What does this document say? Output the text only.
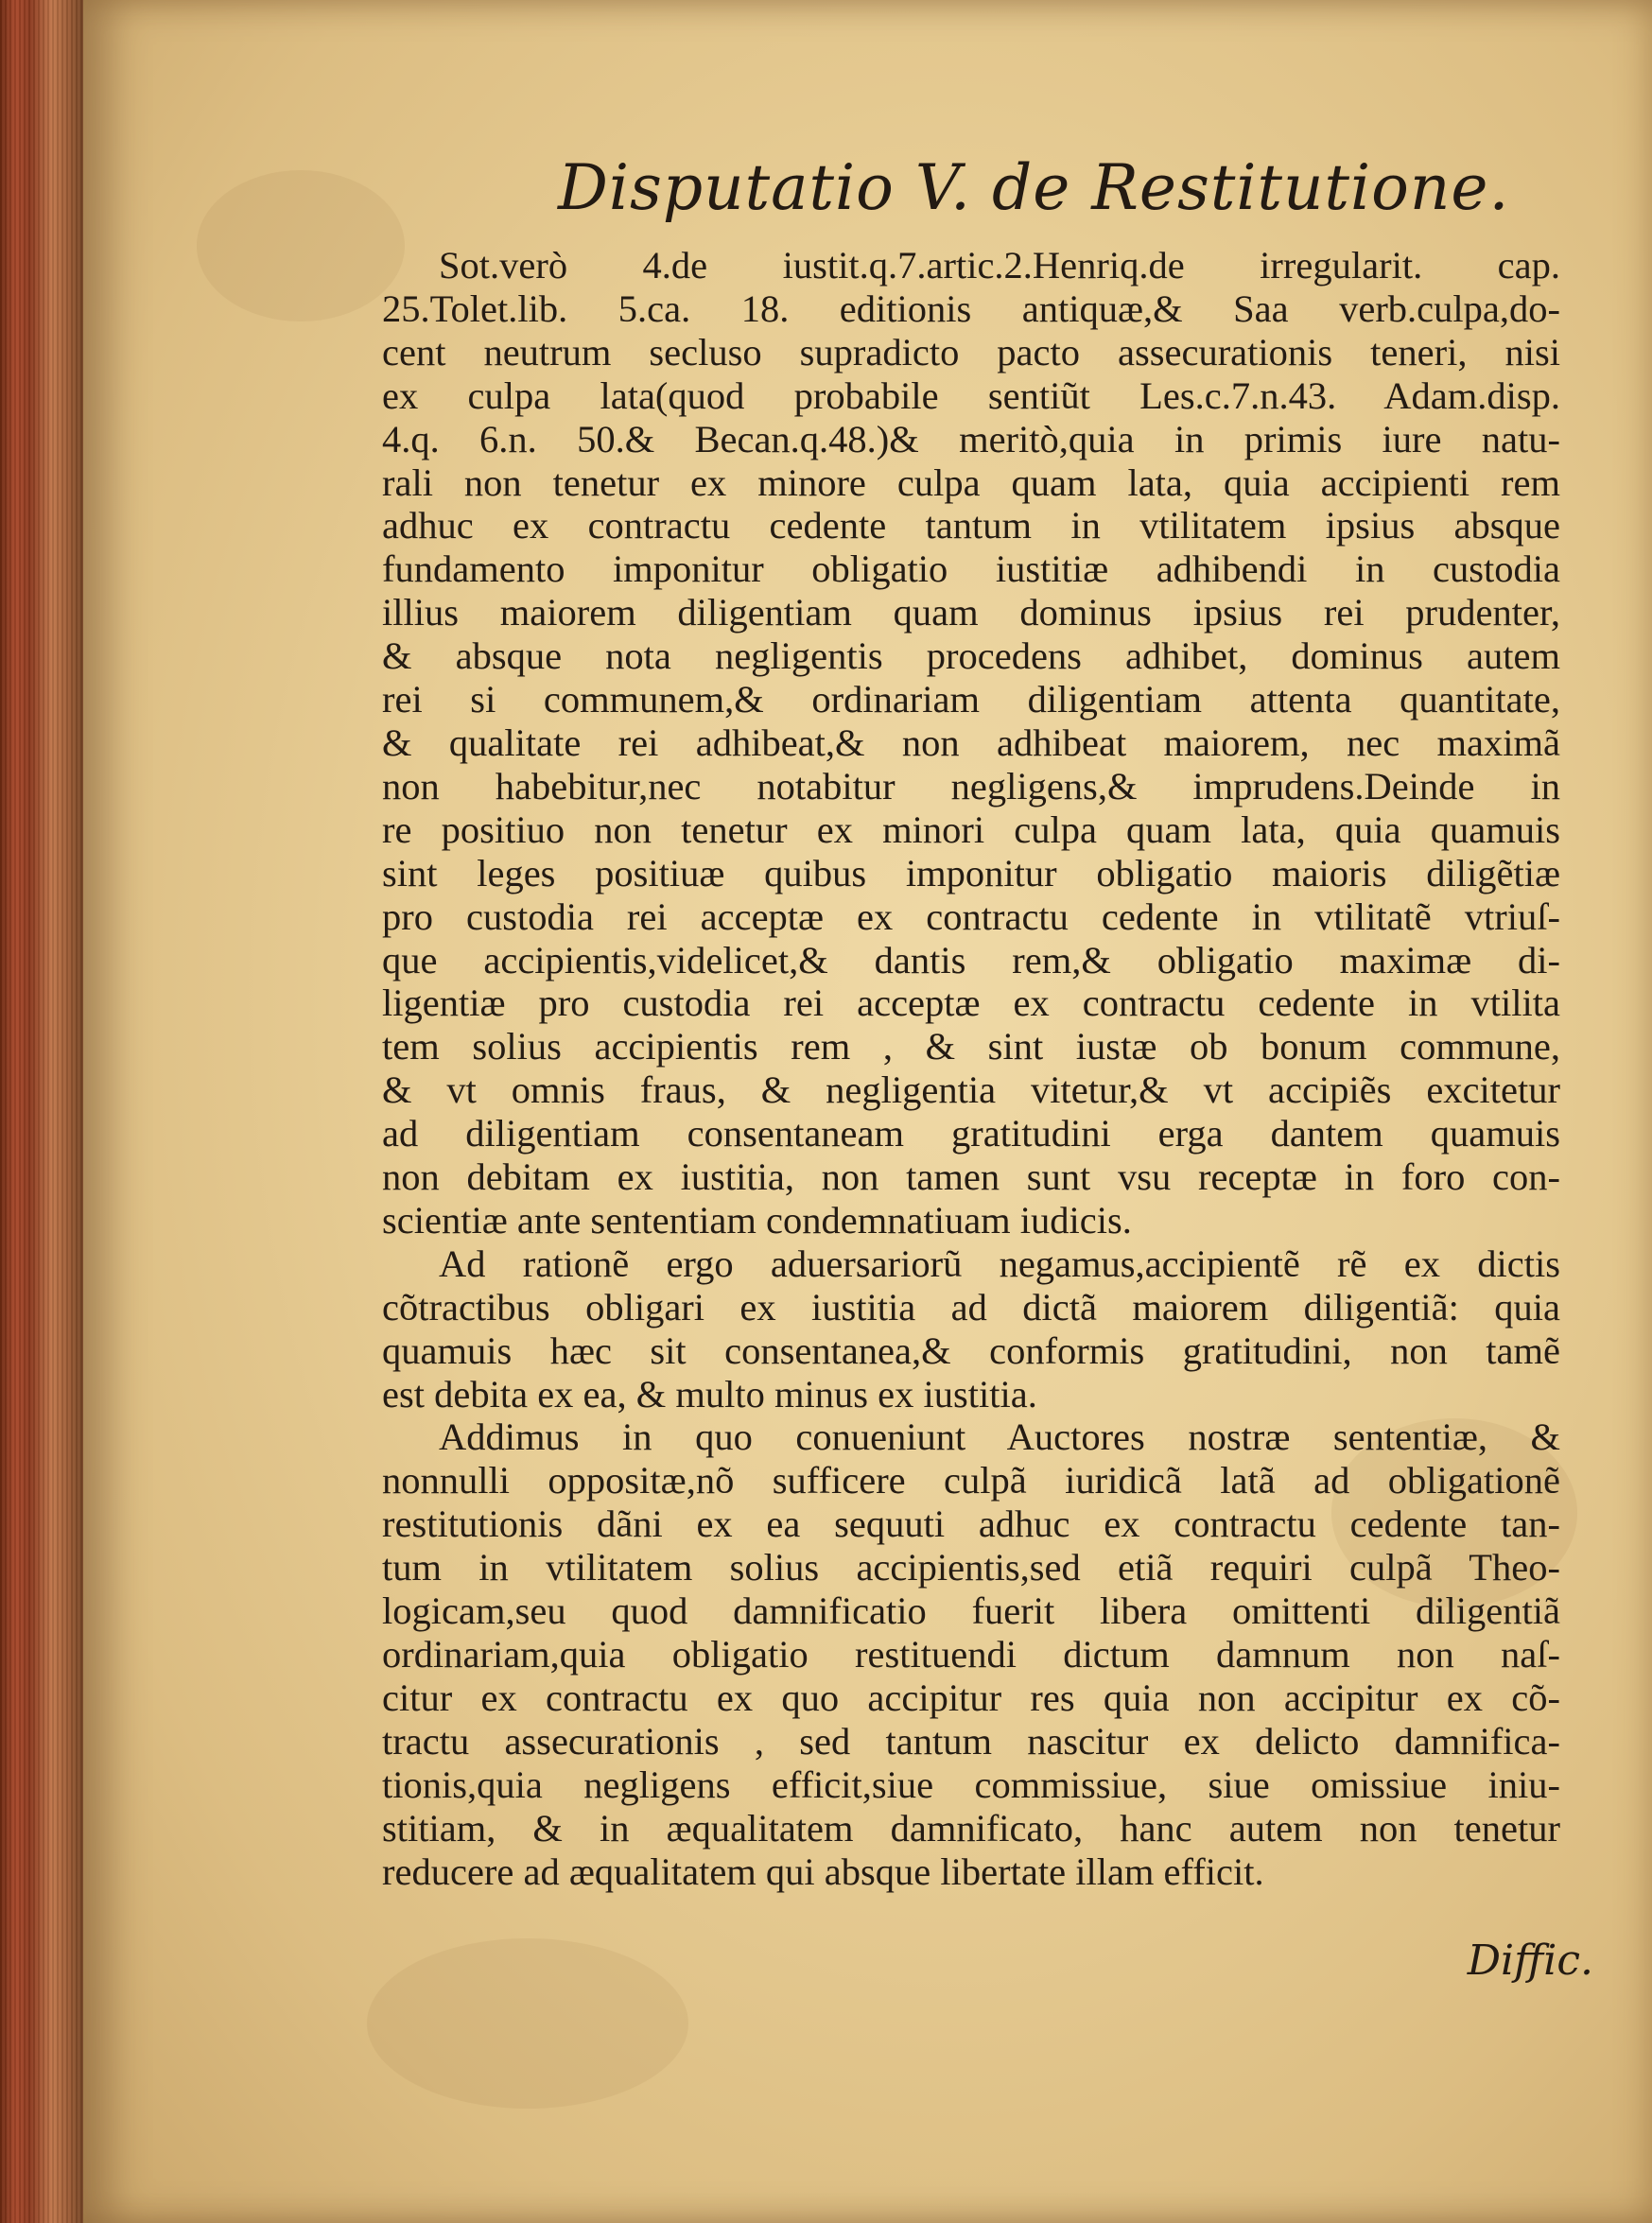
Disputatio V. de Restitutione.
Sot.verò 4.de iustit.q.7.artic.2.Henriq.de irregularit. cap.
25.Tolet.lib. 5.ca. 18. editionis antiquæ,& Saa verb.culpa,do-
cent neutrum secluso supradicto pacto assecurationis teneri, nisi
ex culpa lata(quod probabile sentiũt Les.c.7.n.43. Adam.disp.
4.q. 6.n. 50.& Becan.q.48.)& meritò,quia in primis iure natu-
rali non tenetur ex minore culpa quam lata, quia accipienti rem
adhuc ex contractu cedente tantum in vtilitatem ipsius absque
fundamento imponitur obligatio iustitiæ adhibendi in custodia
illius maiorem diligentiam quam dominus ipsius rei prudenter,
& absque nota negligentis procedens adhibet, dominus autem
rei si communem,& ordinariam diligentiam attenta quantitate,
& qualitate rei adhibeat,& non adhibeat maiorem, nec maximã
non habebitur,nec notabitur negligens,& imprudens.Deinde in
re positiuo non tenetur ex minori culpa quam lata, quia quamuis
sint leges positiuæ quibus imponitur obligatio maioris diligẽtiæ
pro custodia rei acceptæ ex contractu cedente in vtilitatẽ vtriuſ-
que accipientis,videlicet,& dantis rem,& obligatio maximæ di-
ligentiæ pro custodia rei acceptæ ex contractu cedente in vtilita
tem solius accipientis rem , & sint iustæ ob bonum commune,
& vt omnis fraus, & negligentia vitetur,& vt accipiẽs excitetur
ad diligentiam consentaneam gratitudini erga dantem quamuis
non debitam ex iustitia, non tamen sunt vsu receptæ in foro con-
scientiæ ante sententiam condemnatiuam iudicis.
Ad rationẽ ergo aduersariorũ negamus,accipientẽ rẽ ex dictis
cõtractibus obligari ex iustitia ad dictã maiorem diligentiã: quia
quamuis hæc sit consentanea,& conformis gratitudini, non tamẽ
est debita ex ea, & multo minus ex iustitia.
Addimus in quo conueniunt Auctores nostræ sententiæ, &
nonnulli oppositæ,nõ sufficere culpã iuridicã latã ad obligationẽ
restitutionis dãni ex ea sequuti adhuc ex contractu cedente tan-
tum in vtilitatem solius accipientis,sed etiã requiri culpã Theo-
logicam,seu quod damnificatio fuerit libera omittenti diligentiã
ordinariam,quia obligatio restituendi dictum damnum non naſ-
citur ex contractu ex quo accipitur res quia non accipitur ex cõ-
tractu assecurationis , sed tantum nascitur ex delicto damnifica-
tionis,quia negligens efficit,siue commissiue, siue omissiue iniu-
stitiam, & in æqualitatem damnificato, hanc autem non tenetur
reducere ad æqualitatem qui absque libertate illam efficit.
Diffic.
